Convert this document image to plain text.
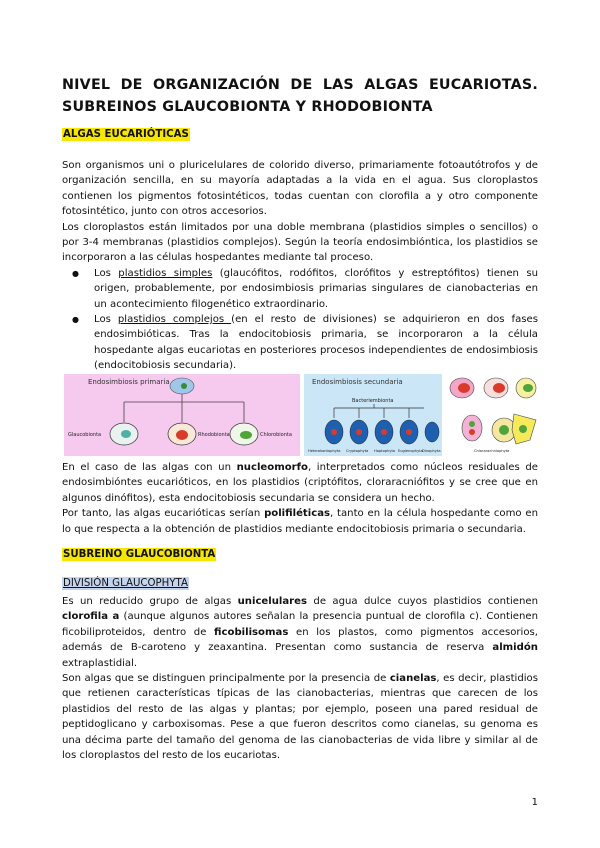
NIVEL DE ORGANIZACIÓN DE LAS ALGAS EUCARIOTAS. SUBREINOS GLAUCOBIONTA Y RHODOBIONTA
ALGAS EUCARIÓTICAS

Son organismos uni o pluricelulares de colorido diverso, primariamente fotoautótrofos y de organización sencilla, en su mayoría adaptadas a la vida en el agua. Sus cloroplastos contienen los pigmentos fotosintéticos, todas cuentan con clorofila a y otro componente fotosintético, junto con otros accesorios.

Los cloroplastos están limitados por una doble membrana (plastidios simples o sencillos) o por 3-4 membranas (plastidios complejos). Según la teoría endosimbióntica, los plastidios se incorporaron a las células hospedantes mediante tal proceso.

● Los plastidios simples (glaucófitos, rodófitos, clorófitos y estreptófitos) tienen su origen, probablemente, por endosimbiosis primarias singulares de cianobacterias en un acontecimiento filogenético extraordinario.
● Los plastidios complejos (en el resto de divisiones) se adquirieron en dos fases endosimbióticas. Tras la endocitobiosis primaria, se incorporaron a la célula hospedante algas eucariotas en posteriores procesos independientes de endosimbiosis (endocitobiosis secundaria).
Endosimbiosis primaria
Glaucobionta	Rhodobionta	Chlorobionta
Endosimbiosis secundaria
Bacteriembionta
Heterokontophyta Cryptophyta Haptophyta Euglenophyta Dinophyta	Chlorarachniophyta

En el caso de las algas con un nucleomorfo, interpretados como núcleos residuales de endosimbióntes eucarióticos, en los plastidios (criptófitos, cloraracniófitos y se cree que en algunos dinófitos), esta endocitobiosis secundaria se considera un hecho.

Por tanto, las algas eucarióticas serían polifiléticas, tanto en la célula hospedante como en lo que respecta a la obtención de plastidios mediante endocitobiosis primaria o secundaria.

SUBREINO GLAUCOBIONTA
DIVISIÓN GLAUCOPHYTA

Es un reducido grupo de algas unicelulares de agua dulce cuyos plastidios contienen clorofila a (aunque algunos autores señalan la presencia puntual de clorofila c). Contienen ficobiliproteidos, dentro de ficobilisomas en los plastos, como pigmentos accesorios, además de B-caroteno y zeaxantina. Presentan como sustancia de reserva almidón extraplastidial.

Son algas que se distinguen principalmente por la presencia de cianelas, es decir, plastidios que retienen características típicas de las cianobacterias, mientras que carecen de los plastidios del resto de las algas y plantas; por ejemplo, poseen una pared residual de peptidoglicano y carboxisomas. Pese a que fueron descritos como cianelas, su genoma es una décima parte del tamaño del genoma de las cianobacterias de vida libre y similar al de los cloroplastos del resto de los eucariotas.

1
